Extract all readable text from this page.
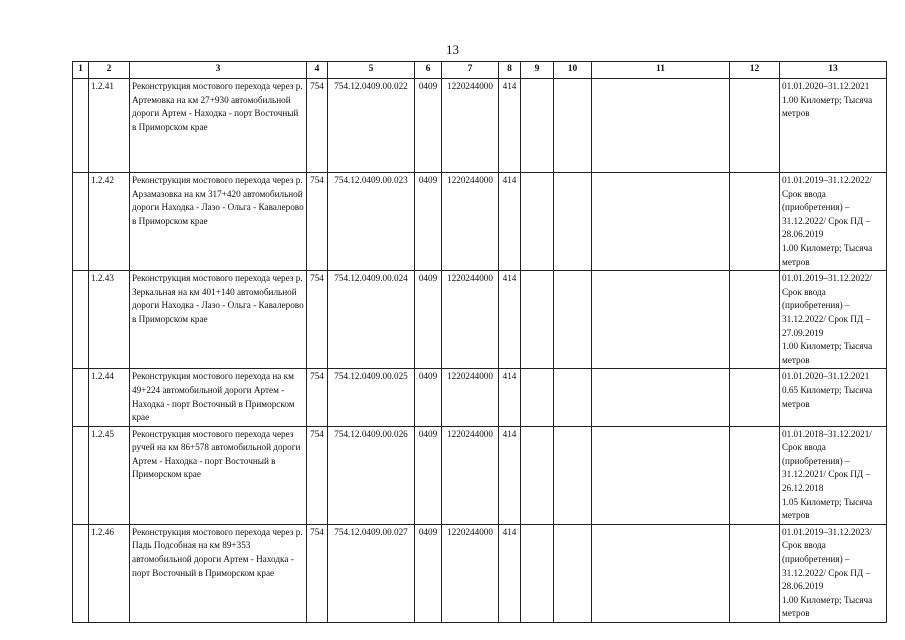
13
1	2	3	4	5	6	7	8	9	10	11	12	13
	1.2.41	Реконструкция мостового перехода через р. Артемовка на км 27+930 автомобильной дороги Артем - Находка - порт Восточный в Приморском крае	754	754.12.0409.00.022	0409	1220244000	414					01.01.2020–31.12.2021
1.00 Километр; Тысяча метров
	1.2.42	Реконструкция мостового перехода через р. Арзамазовка на км 317+420 автомобильной дороги Находка - Лазо - Ольга - Кавалерово в Приморском крае	754	754.12.0409.00.023	0409	1220244000	414					01.01.2019–31.12.2022/ Срок ввода (приобретения) – 31.12.2022/ Срок ПД – 28.06.2019
1.00 Километр; Тысяча метров
	1.2.43	Реконструкция мостового перехода через р. Зеркальная на км 401+140 автомобильной дороги Находка - Лазо - Ольга - Кавалерово в Приморском крае	754	754.12.0409.00.024	0409	1220244000	414					01.01.2019–31.12.2022/ Срок ввода (приобретения) – 31.12.2022/ Срок ПД – 27.09.2019
1.00 Километр; Тысяча метров
	1.2.44	Реконструкция мостового перехода на км 49+224 автомобильной дороги Артем - Находка - порт Восточный в Приморском крае	754	754.12.0409.00.025	0409	1220244000	414					01.01.2020–31.12.2021
0.65 Километр; Тысяча метров
	1.2.45	Реконструкция мостового перехода через ручей на км 86+578 автомобильной дороги Артем - Находка - порт Восточный в Приморском крае	754	754.12.0409.00.026	0409	1220244000	414					01.01.2018–31.12.2021/ Срок ввода (приобретения) – 31.12.2021/ Срок ПД – 26.12.2018
1.05 Километр; Тысяча метров
	1.2.46	Реконструкция мостового перехода через р. Падь Подсобная на км 89+353 автомобильной дороги Артем - Находка - порт Восточный в Приморском крае	754	754.12.0409.00.027	0409	1220244000	414					01.01.2019–31.12.2023/ Срок ввода (приобретения) – 31.12.2022/ Срок ПД – 28.06.2019
1.00 Километр; Тысяча метров
